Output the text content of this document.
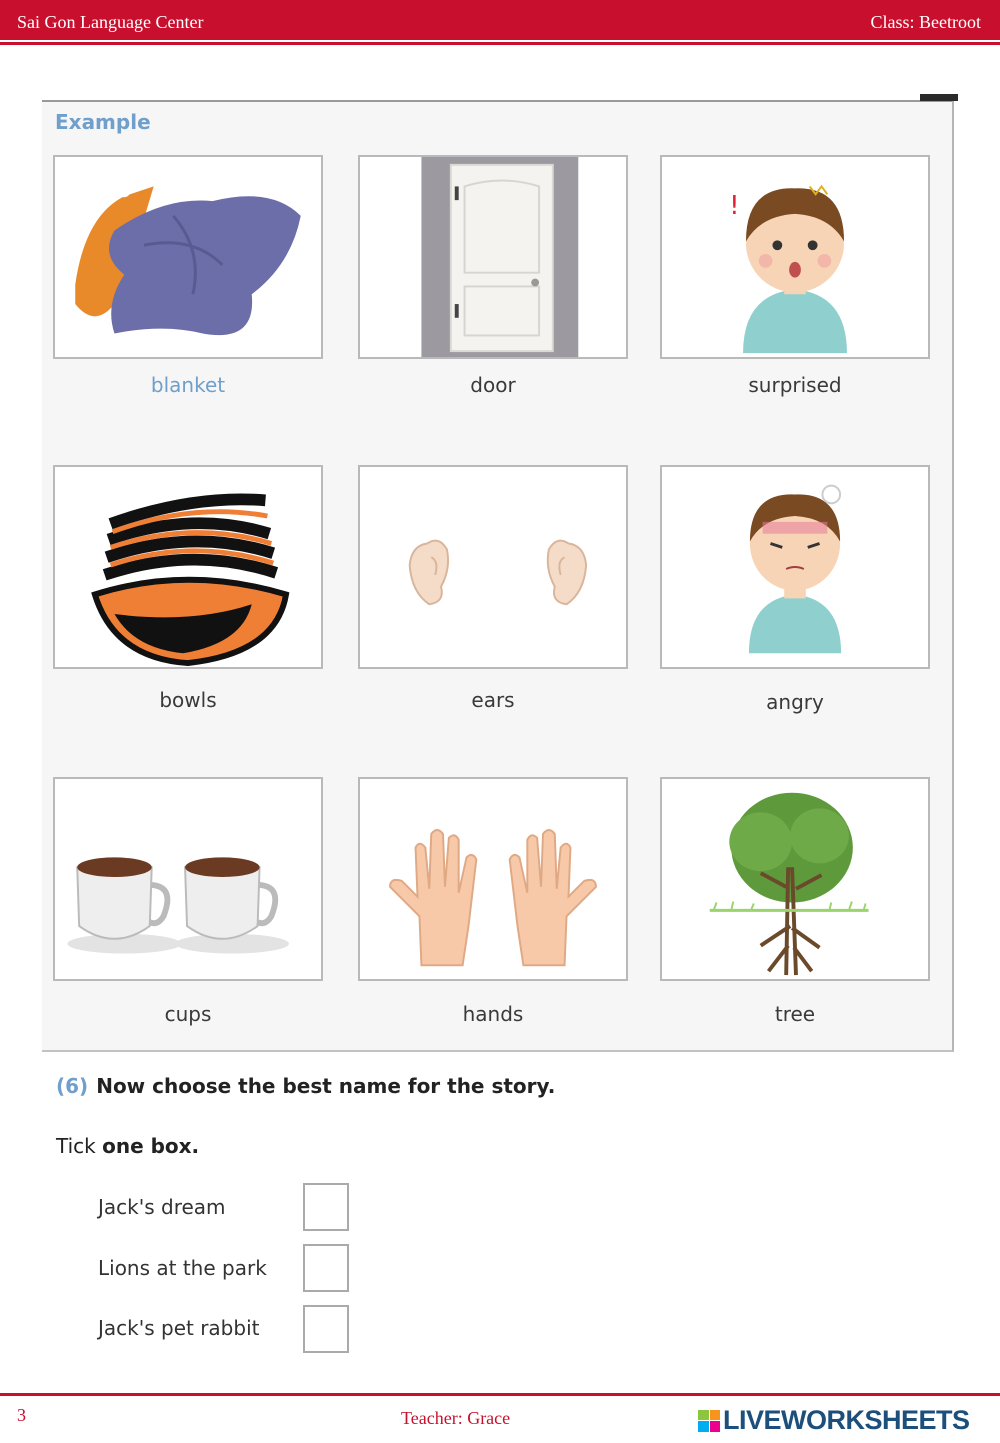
Sai Gon Language Center	Class: Beetroot
Example
blanket	door
!
surprised
bowls	ears	angry
cups	hands	tree
(6) Now choose the best name for the story.
Tick one box.
Jack's dream
Lions at the park
Jack's pet rabbit
3	Teacher: Grace	LIVEWORKSHEETS
